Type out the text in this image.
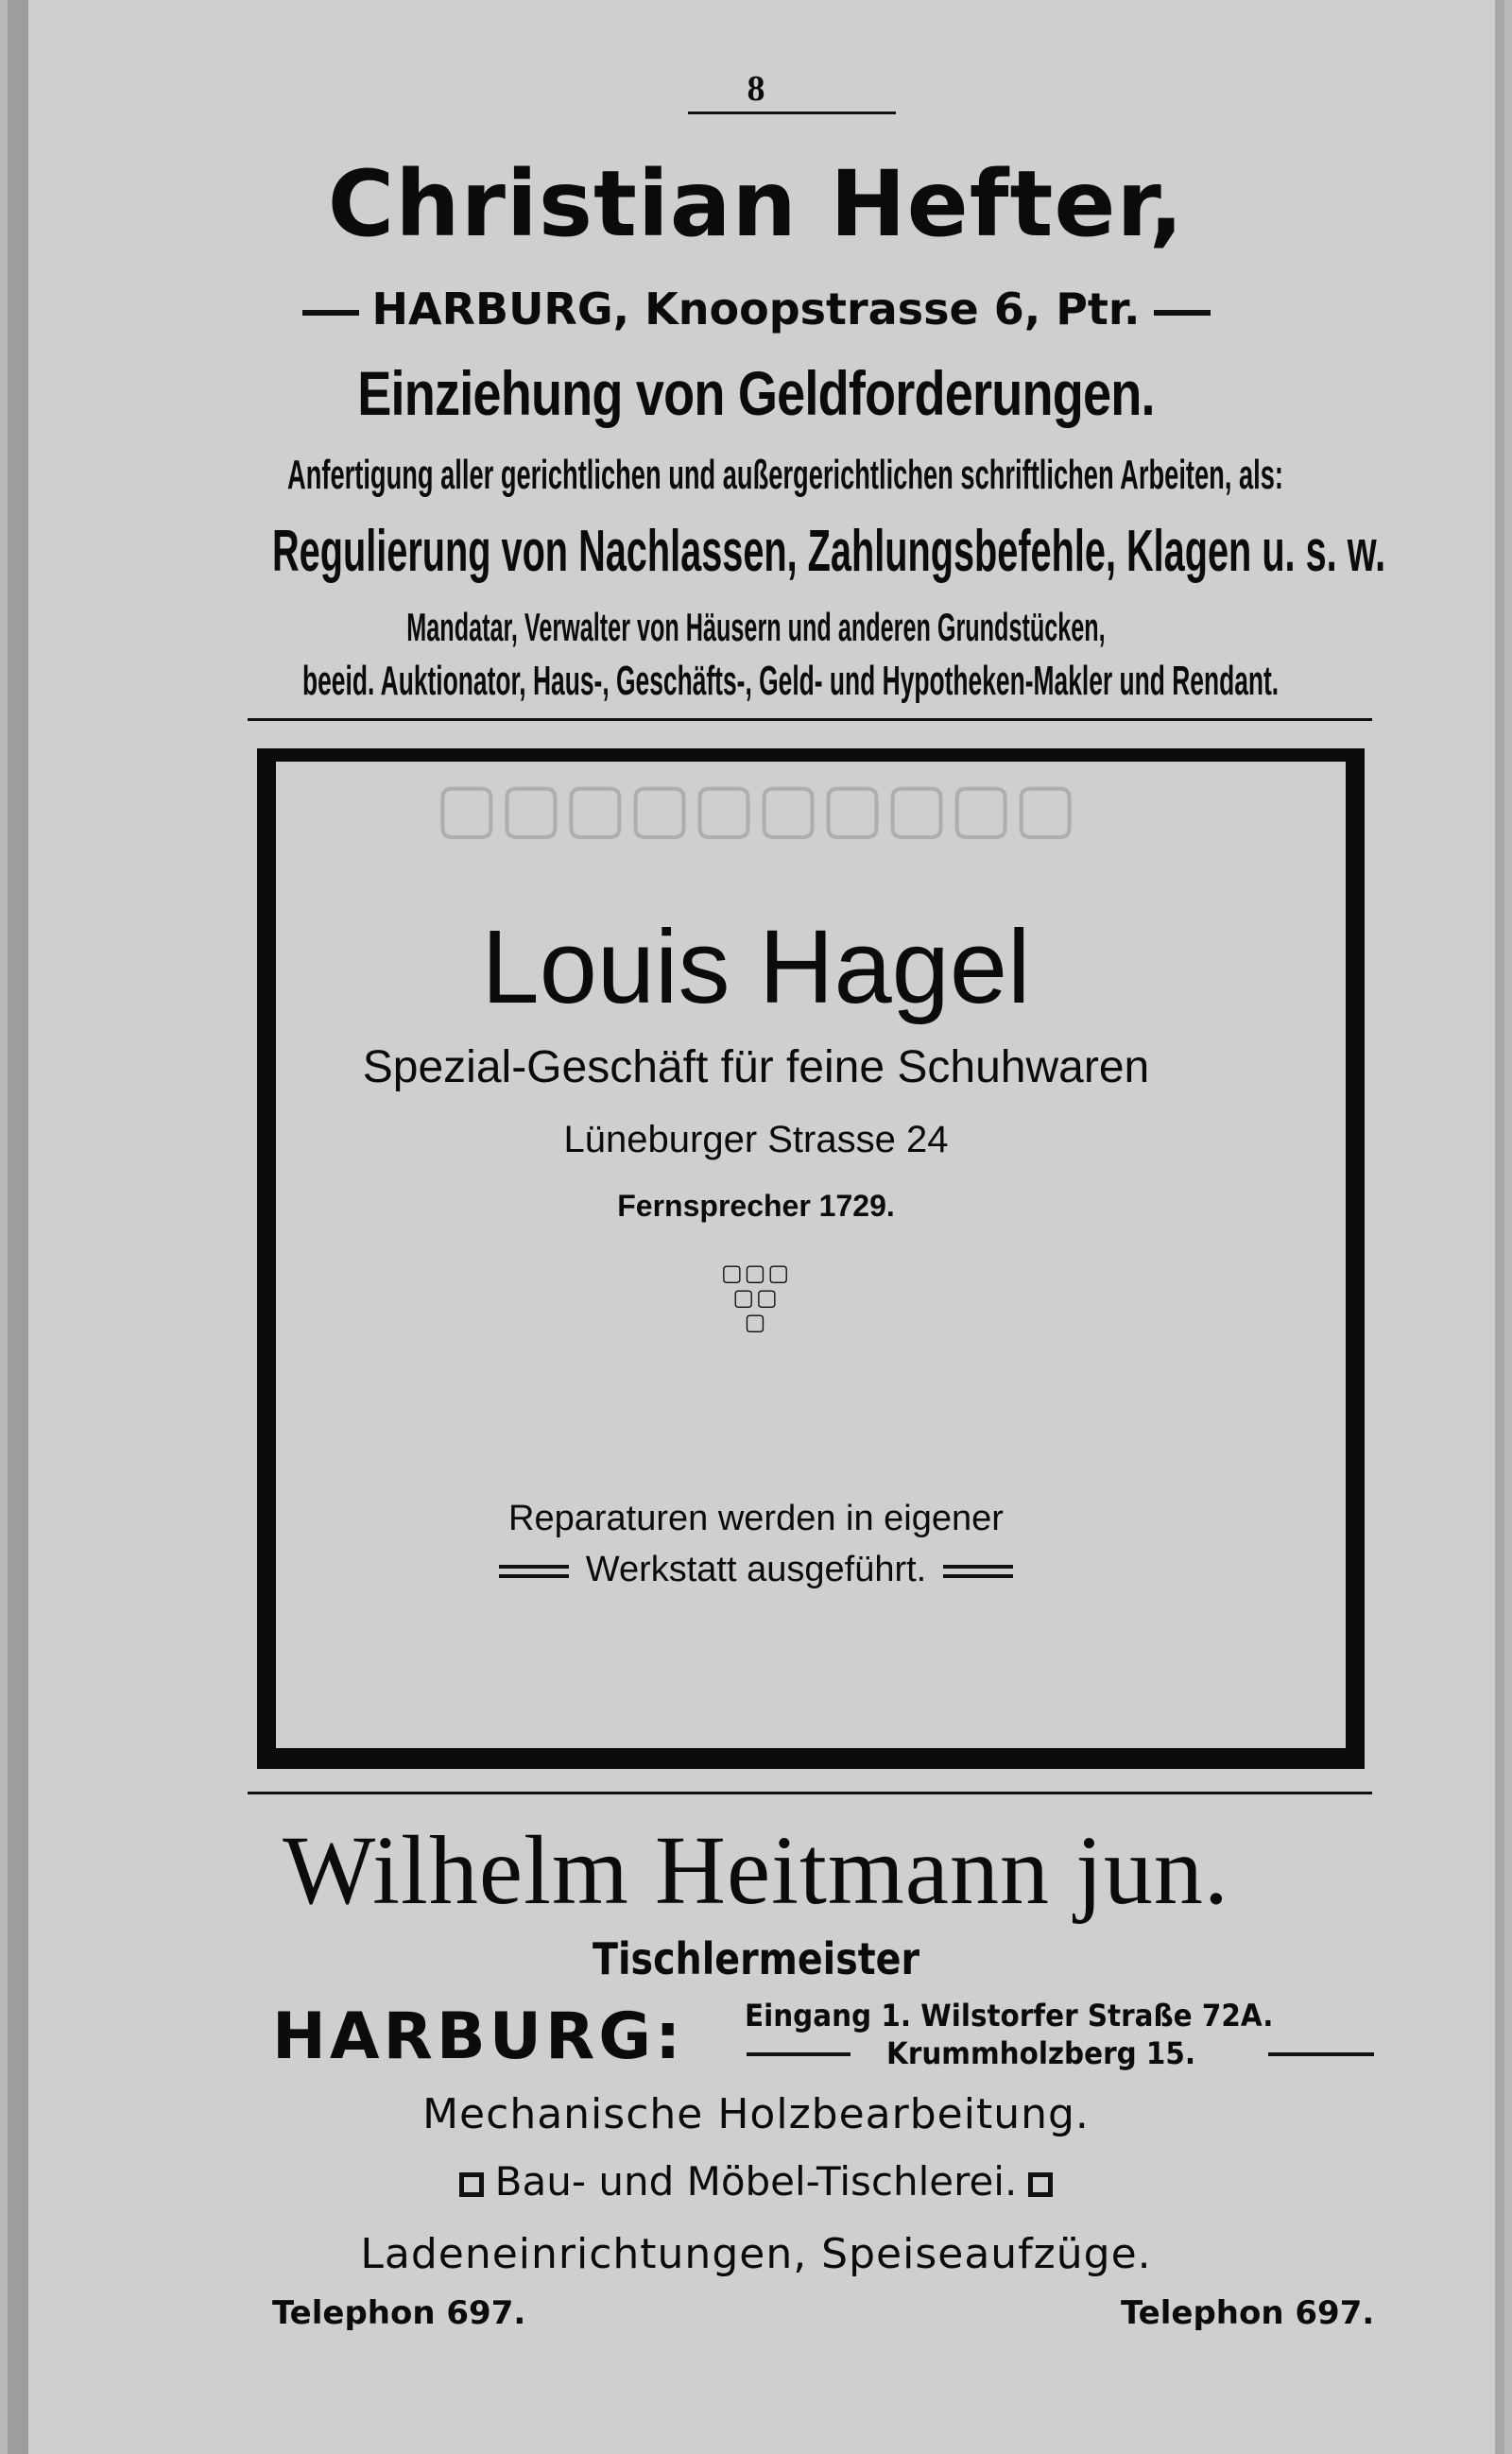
▢▢▢▢▢▢▢▢▢▢
8
Christian Hefter,
HARBURG, Knoopstrasse 6, Ptr.
Einziehung von Geldforderungen.
Anfertigung aller gerichtlichen und außergerichtlichen schriftlichen Arbeiten, als:
Regulierung von Nachlassen, Zahlungsbefehle, Klagen u. s. w.
Mandatar, Verwalter von Häusern und anderen Grundstücken,
beeid. Auktionator, Haus-, Geschäfts-, Geld- und Hypotheken-Makler und Rendant.
Louis Hagel
Spezial-Geschäft für feine Schuhwaren
Lüneburger Strasse 24
Fernsprecher 1729.
▢▢▢
▢▢
▢
Reparaturen werden in eigener
Werkstatt ausgeführt.
Wilhelm Heitmann jun.
Tischlermeister
HARBURG: Eingang 1. Wilstorfer Straße 72A.
Krummholzberg 15.
Mechanische Holzbearbeitung.
Bau- und Möbel-Tischlerei.
Ladeneinrichtungen, Speiseaufzüge.
Telephon 697.	Telephon 697.
